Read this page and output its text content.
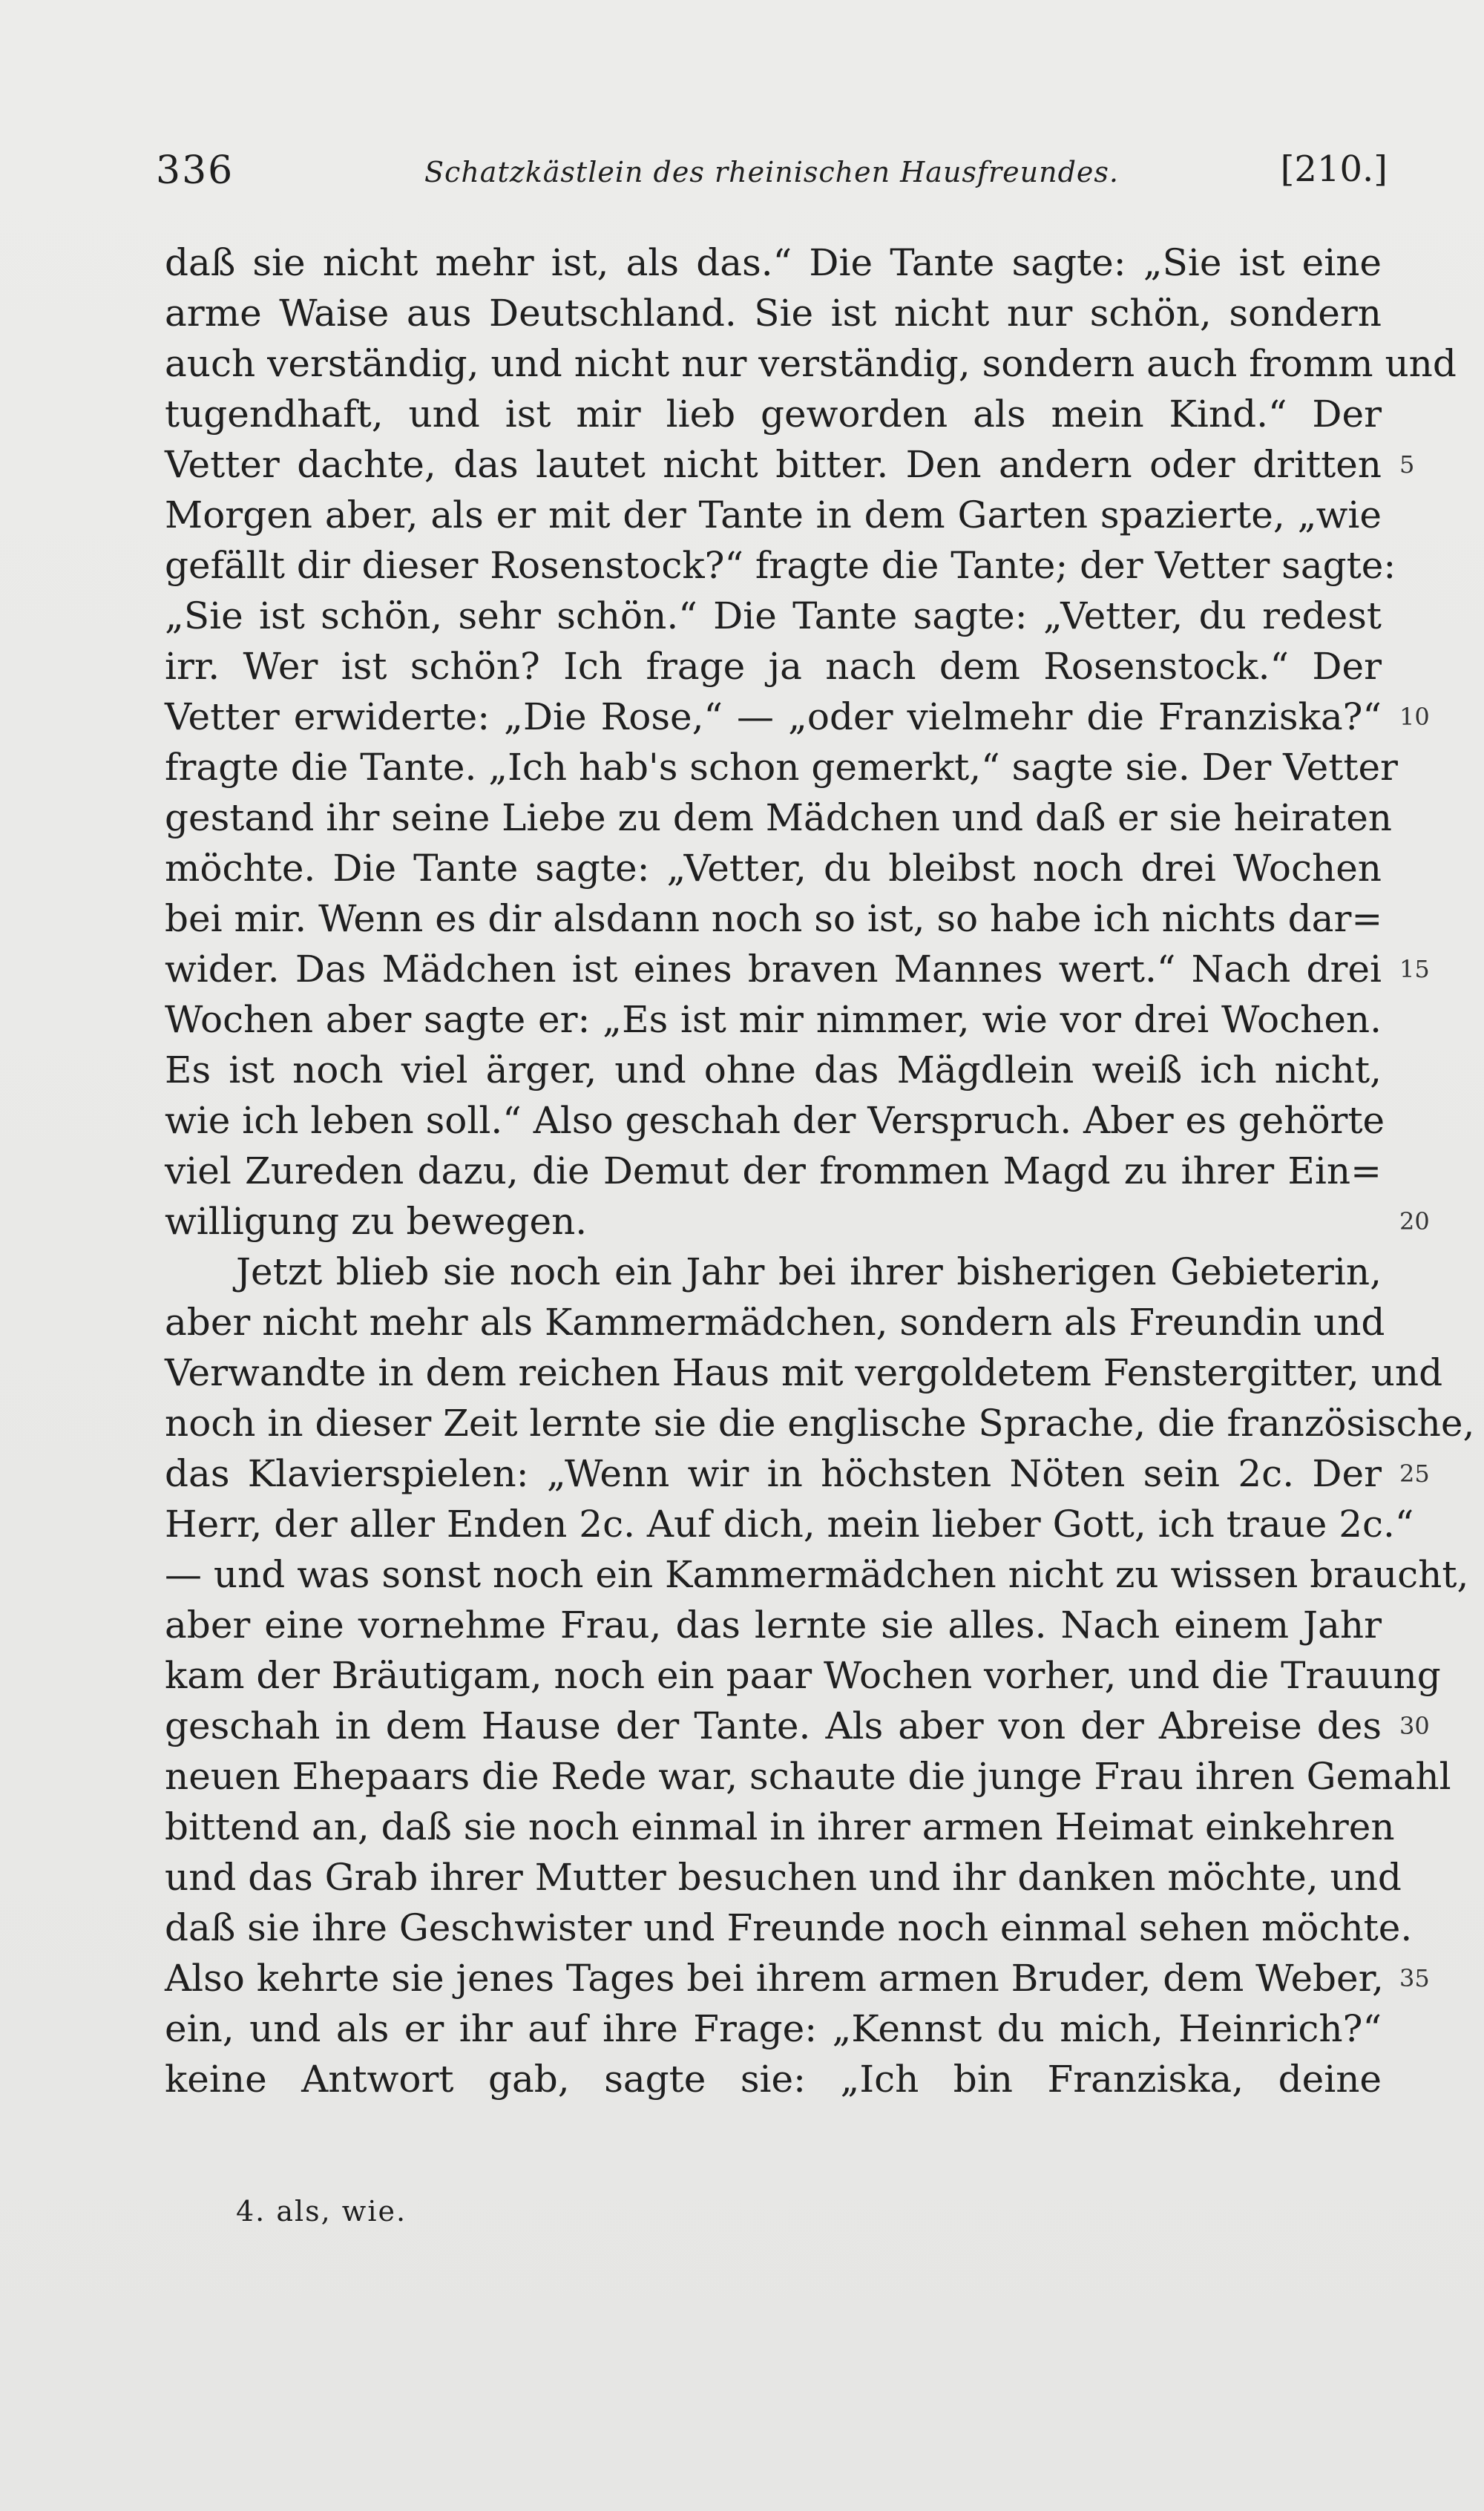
336	Schatzkästlein des rheinischen Hausfreundes.	[210.]
daß sie nicht mehr ist, als das.“ Die Tante sagte: „Sie ist eine
arme Waise aus Deutschland. Sie ist nicht nur schön, sondern
auch verständig, und nicht nur verständig, sondern auch fromm und
tugendhaft, und ist mir lieb geworden als mein Kind.“ Der
Vetter dachte, das lautet nicht bitter. Den andern oder dritten
Morgen aber, als er mit der Tante in dem Garten spazierte, „wie
gefällt dir dieser Rosenstock?“ fragte die Tante; der Vetter sagte:
„Sie ist schön, sehr schön.“ Die Tante sagte: „Vetter, du redest
irr. Wer ist schön? Ich frage ja nach dem Rosenstock.“ Der
Vetter erwiderte: „Die Rose,“ — „oder vielmehr die Franziska?“
fragte die Tante. „Ich hab's schon gemerkt,“ sagte sie. Der Vetter
gestand ihr seine Liebe zu dem Mädchen und daß er sie heiraten
möchte. Die Tante sagte: „Vetter, du bleibst noch drei Wochen
bei mir. Wenn es dir alsdann noch so ist, so habe ich nichts dar=
wider. Das Mädchen ist eines braven Mannes wert.“ Nach drei
Wochen aber sagte er: „Es ist mir nimmer, wie vor drei Wochen.
Es ist noch viel ärger, und ohne das Mägdlein weiß ich nicht,
wie ich leben soll.“ Also geschah der Verspruch. Aber es gehörte
viel Zureden dazu, die Demut der frommen Magd zu ihrer Ein=
willigung zu bewegen.
Jetzt blieb sie noch ein Jahr bei ihrer bisherigen Gebieterin,
aber nicht mehr als Kammermädchen, sondern als Freundin und
Verwandte in dem reichen Haus mit vergoldetem Fenstergitter, und
noch in dieser Zeit lernte sie die englische Sprache, die französische,
das Klavierspielen: „Wenn wir in höchsten Nöten sein 2c. Der
Herr, der aller Enden 2c. Auf dich, mein lieber Gott, ich traue 2c.“
— und was sonst noch ein Kammermädchen nicht zu wissen braucht,
aber eine vornehme Frau, das lernte sie alles. Nach einem Jahr
kam der Bräutigam, noch ein paar Wochen vorher, und die Trauung
geschah in dem Hause der Tante. Als aber von der Abreise des
neuen Ehepaars die Rede war, schaute die junge Frau ihren Gemahl
bittend an, daß sie noch einmal in ihrer armen Heimat einkehren
und das Grab ihrer Mutter besuchen und ihr danken möchte, und
daß sie ihre Geschwister und Freunde noch einmal sehen möchte.
Also kehrte sie jenes Tages bei ihrem armen Bruder, dem Weber,
ein, und als er ihr auf ihre Frage: „Kennst du mich, Heinrich?“
keine Antwort gab, sagte sie: „Ich bin Franziska, deine
5
10
15
20
25
30
35
4. als, wie.
